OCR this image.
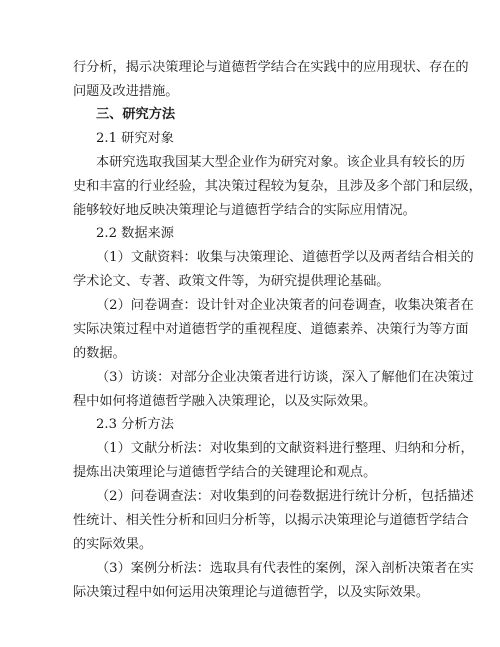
行分析，揭示决策理论与道德哲学结合在实践中的应用现状、存在的
问题及改进措施。
三、研究方法
2.1 研究对象
本研究选取我国某大型企业作为研究对象。该企业具有较长的历
史和丰富的行业经验，其决策过程较为复杂，且涉及多个部门和层级，
能够较好地反映决策理论与道德哲学结合的实际应用情况。
2.2 数据来源
（1）文献资料：收集与决策理论、道德哲学以及两者结合相关的
学术论文、专著、政策文件等，为研究提供理论基础。
（2）问卷调查：设计针对企业决策者的问卷调查，收集决策者在
实际决策过程中对道德哲学的重视程度、道德素养、决策行为等方面
的数据。
（3）访谈：对部分企业决策者进行访谈，深入了解他们在决策过
程中如何将道德哲学融入决策理论，以及实际效果。
2.3 分析方法
（1）文献分析法：对收集到的文献资料进行整理、归纳和分析，
提炼出决策理论与道德哲学结合的关键理论和观点。
（2）问卷调查法：对收集到的问卷数据进行统计分析，包括描述
性统计、相关性分析和回归分析等，以揭示决策理论与道德哲学结合
的实际效果。
（3）案例分析法：选取具有代表性的案例，深入剖析决策者在实
际决策过程中如何运用决策理论与道德哲学，以及实际效果。
